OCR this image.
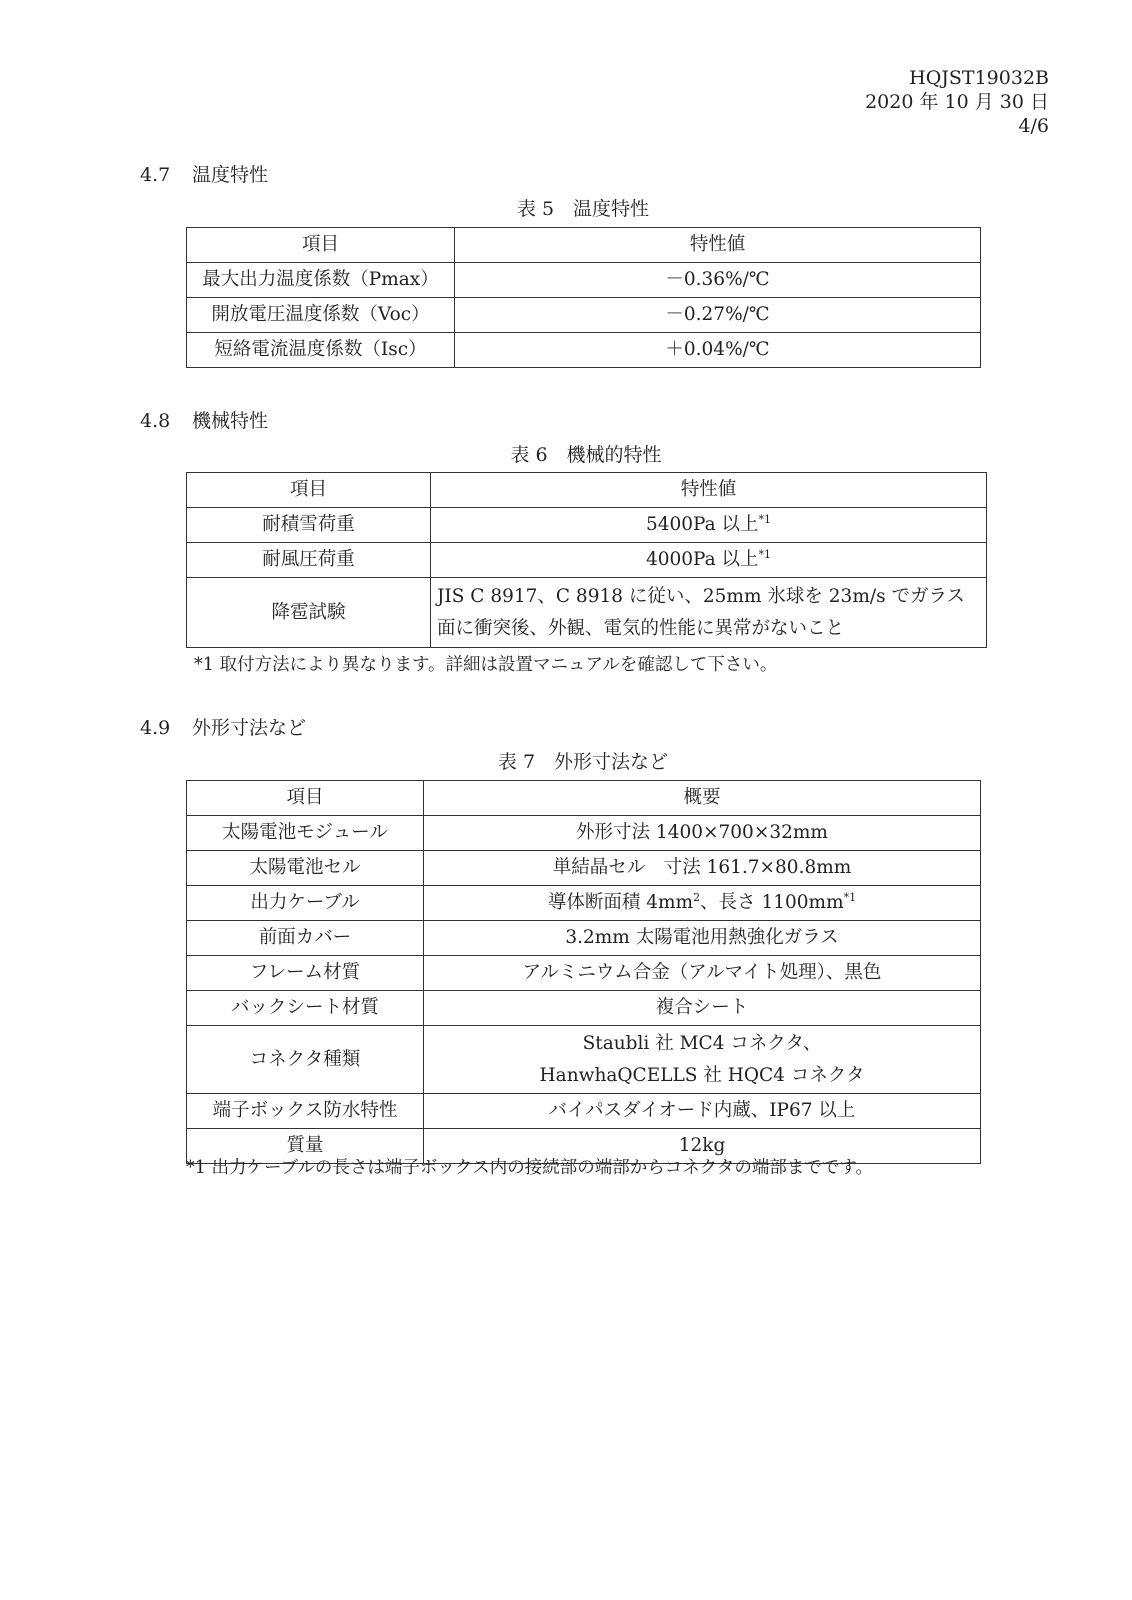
HQJST19032B
2020 年 10 月 30 日
4/6
4.7 温度特性
表 5　温度特性
項目	特性値
最大出力温度係数（Pmax）	－0.36%/℃
開放電圧温度係数（Voc）	－0.27%/℃
短絡電流温度係数（Isc）	＋0.04%/℃
4.8 機械特性
表 6　機械的特性
項目	特性値
耐積雪荷重	5400Pa 以上$^{*1}$
耐風圧荷重	4000Pa 以上$^{*1}$
降雹試験	JIS C 8917、C 8918 に従い、25mm 氷球を 23m/s でガラス面に衝突後、外観、電気的性能に異常がないこと
*1 取付方法により異なります。詳細は設置マニュアルを確認して下さい。
4.9 外形寸法など
表 7　外形寸法など
項目	概要
太陽電池モジュール	外形寸法 1400×700×32mm
太陽電池セル	単結晶セル　寸法 161.7×80.8mm
出力ケーブル	導体断面積 $4mm^2$、長さ $1100mm^{*1}$
前面カバー	3.2mm 太陽電池用熱強化ガラス
フレーム材質	アルミニウム合金（アルマイト処理）、黒色
バックシート材質	複合シート
コネクタ種類	Staubli 社 MC4 コネクタ、
HanwhaQCELLS 社 HQC4 コネクタ

端子ボックス防水特性	バイパスダイオード内蔵、IP67 以上
質量	12kg
*1 出力ケーブルの長さは端子ボックス内の接続部の端部からコネクタの端部までです。
